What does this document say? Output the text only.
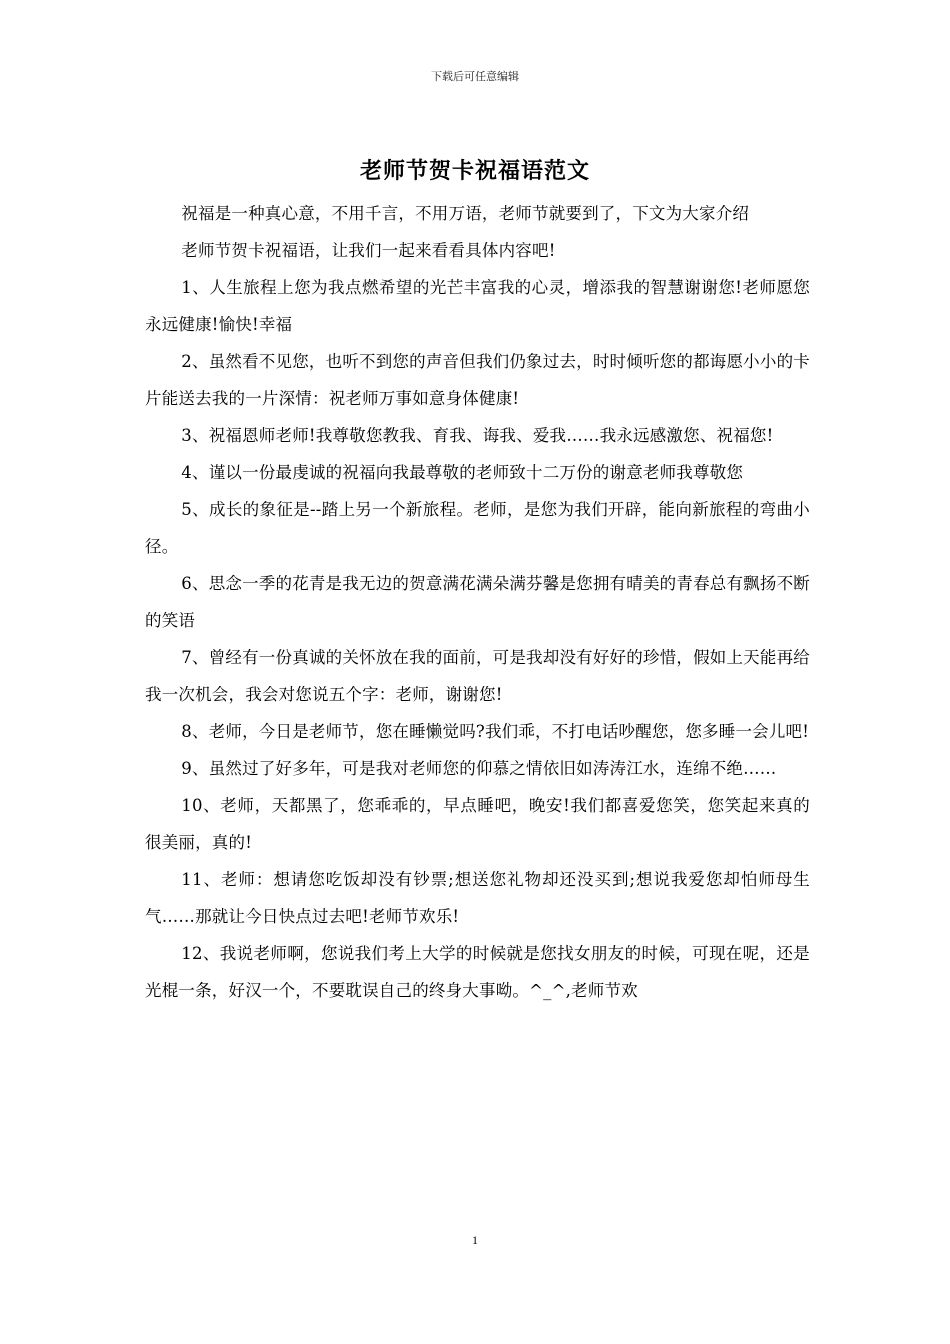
下载后可任意编辑
老师节贺卡祝福语范文

祝福是一种真心意，不用千言，不用万语，老师节就要到了，下文为大家介绍

老师节贺卡祝福语，让我们一起来看看具体内容吧!

1、人生旅程上您为我点燃希望的光芒丰富我的心灵，增添我的智慧谢谢您!老师愿您永远健康!愉快!幸福

2、虽然看不见您，也听不到您的声音但我们仍象过去，时时倾听您的都诲愿小小的卡片能送去我的一片深情：祝老师万事如意身体健康!

3、祝福恩师老师!我尊敬您教我、育我、诲我、爱我……我永远感激您、祝福您!

4、谨以一份最虔诚的祝福向我最尊敬的老师致十二万份的谢意老师我尊敬您

5、成长的象征是--踏上另一个新旅程。老师，是您为我们开辟，能向新旅程的弯曲小径。

6、思念一季的花青是我无边的贺意满花满朵满芬馨是您拥有晴美的青春总有飘扬不断的笑语

7、曾经有一份真诚的关怀放在我的面前，可是我却没有好好的珍惜，假如上天能再给我一次机会，我会对您说五个字：老师，谢谢您!

8、老师，今日是老师节，您在睡懒觉吗?我们乖，不打电话吵醒您，您多睡一会儿吧!

9、虽然过了好多年，可是我对老师您的仰慕之情依旧如涛涛江水，连绵不绝……

10、老师，天都黑了，您乖乖的，早点睡吧，晚安!我们都喜爱您笑，您笑起来真的很美丽，真的!

11、老师：想请您吃饭却没有钞票;想送您礼物却还没买到;想说我爱您却怕师母生气……那就让今日快点过去吧!老师节欢乐!

12、我说老师啊，您说我们考上大学的时候就是您找女朋友的时候，可现在呢，还是光棍一条，好汉一个，不要耽误自己的终身大事呦。^_^,老师节欢

1
